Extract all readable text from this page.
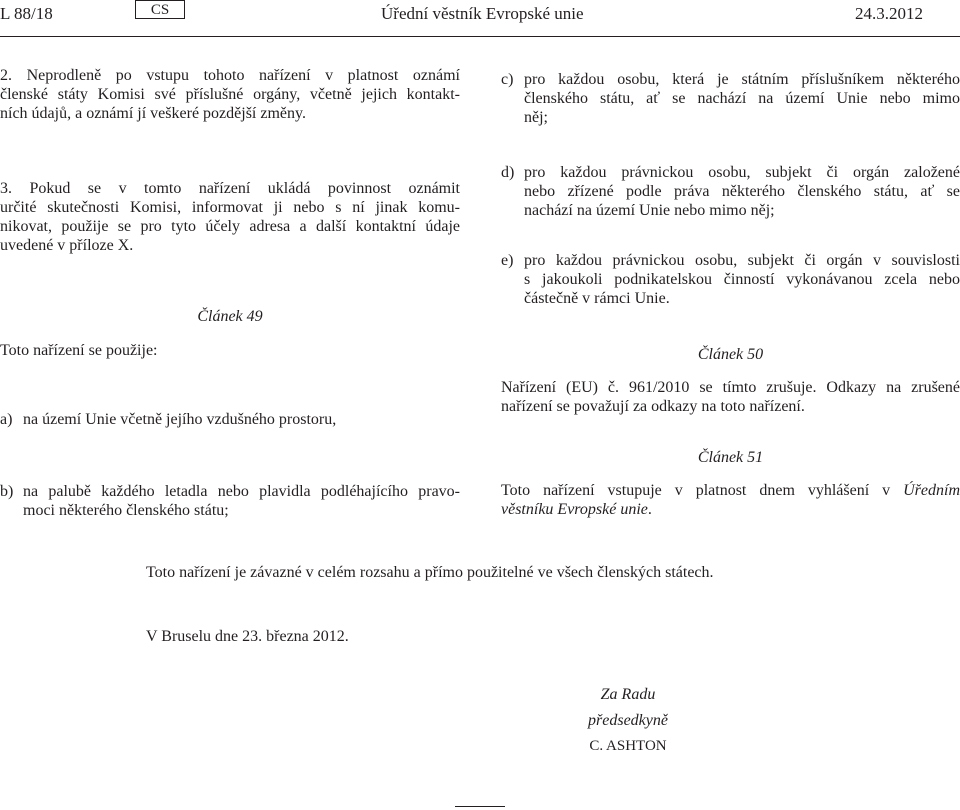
L 88/18	CS	Úřední věstník Evropské unie	24.3.2012
2. Neprodleně po vstupu tohoto nařízení v platnost oznámí
členské státy Komisi své příslušné orgány, včetně jejich kontakt-
ních údajů, a oznámí jí veškeré pozdější změny.
3. Pokud se v tomto nařízení ukládá povinnost oznámit
určité skutečnosti Komisi, informovat ji nebo s ní jinak komu-
nikovat, použije se pro tyto účely adresa a další kontaktní údaje
uvedené v příloze X.
Článek 49
Toto nařízení se použije:
a) na území Unie včetně jejího vzdušného prostoru,
b) na palubě každého letadla nebo plavidla podléhajícího pravo-
moci některého členského státu;
c) pro každou osobu, která je státním příslušníkem některého
členského státu, ať se nachází na území Unie nebo mimo
něj;
d) pro každou právnickou osobu, subjekt či orgán založené
nebo zřízené podle práva některého členského státu, ať se
nachází na území Unie nebo mimo něj;
e) pro každou právnickou osobu, subjekt či orgán v souvislosti
s jakoukoli podnikatelskou činností vykonávanou zcela nebo
částečně v rámci Unie.
Článek 50
Nařízení (EU) č. 961/2010 se tímto zrušuje. Odkazy na zrušené
nařízení se považují za odkazy na toto nařízení.
Článek 51
Toto nařízení vstupuje v platnost dnem vyhlášení v Úředním
věstníku Evropské unie.
Toto nařízení je závazné v celém rozsahu a přímo použitelné ve všech členských státech.
V Bruselu dne 23. března 2012.
Za Radu
předsedkyně
C. ASHTON
